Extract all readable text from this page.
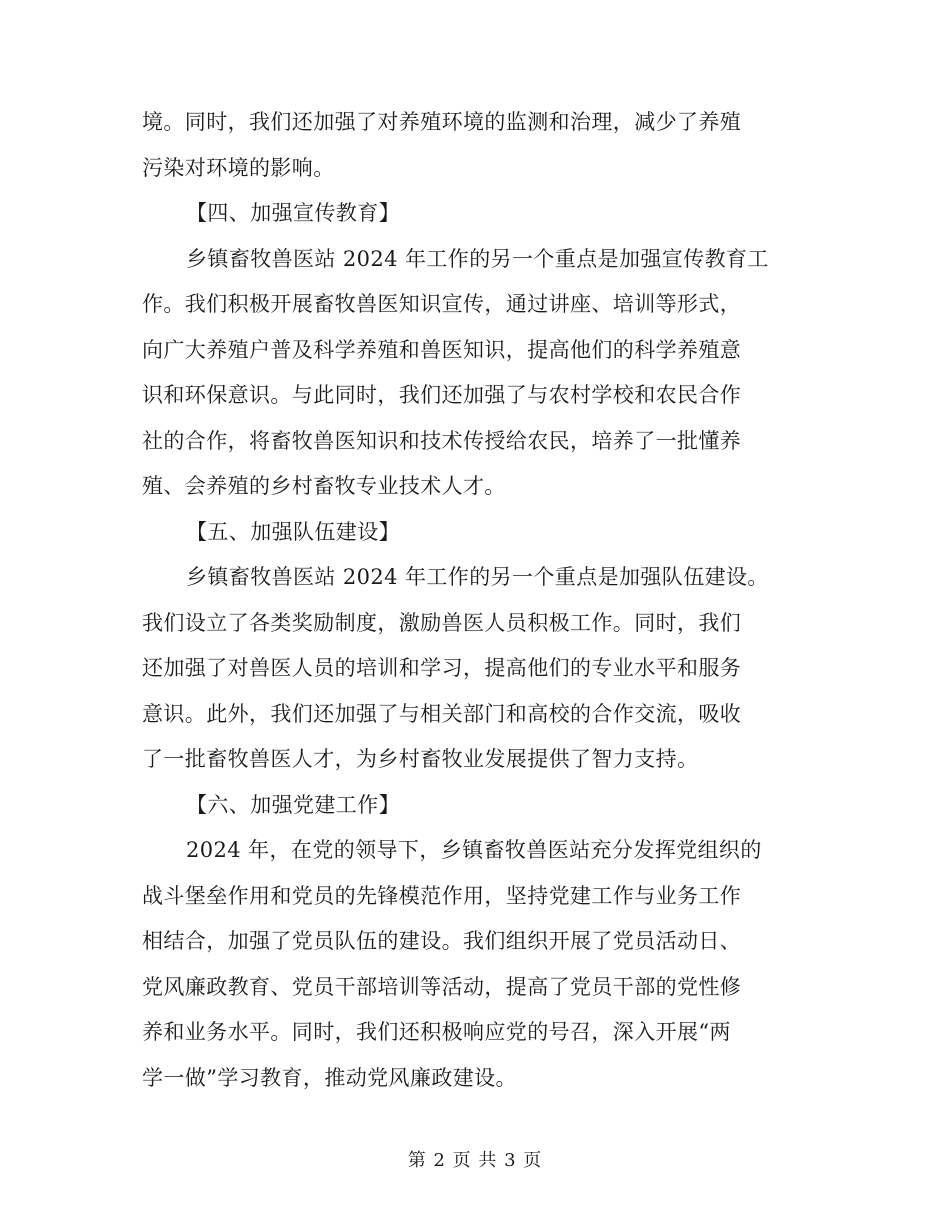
境。同时，我们还加强了对养殖环境的监测和治理，减少了养殖
污染对环境的影响。
【四、加强宣传教育】
乡镇畜牧兽医站 2024 年工作的另一个重点是加强宣传教育工
作。我们积极开展畜牧兽医知识宣传，通过讲座、培训等形式，
向广大养殖户普及科学养殖和兽医知识，提高他们的科学养殖意
识和环保意识。与此同时，我们还加强了与农村学校和农民合作
社的合作，将畜牧兽医知识和技术传授给农民，培养了一批懂养
殖、会养殖的乡村畜牧专业技术人才。
【五、加强队伍建设】
乡镇畜牧兽医站 2024 年工作的另一个重点是加强队伍建设。
我们设立了各类奖励制度，激励兽医人员积极工作。同时，我们
还加强了对兽医人员的培训和学习，提高他们的专业水平和服务
意识。此外，我们还加强了与相关部门和高校的合作交流，吸收
了一批畜牧兽医人才，为乡村畜牧业发展提供了智力支持。
【六、加强党建工作】
2024 年，在党的领导下，乡镇畜牧兽医站充分发挥党组织的
战斗堡垒作用和党员的先锋模范作用，坚持党建工作与业务工作
相结合，加强了党员队伍的建设。我们组织开展了党员活动日、
党风廉政教育、党员干部培训等活动，提高了党员干部的党性修
养和业务水平。同时，我们还积极响应党的号召，深入开展“两
学一做”学习教育，推动党风廉政建设。
第 2 页 共 3 页
